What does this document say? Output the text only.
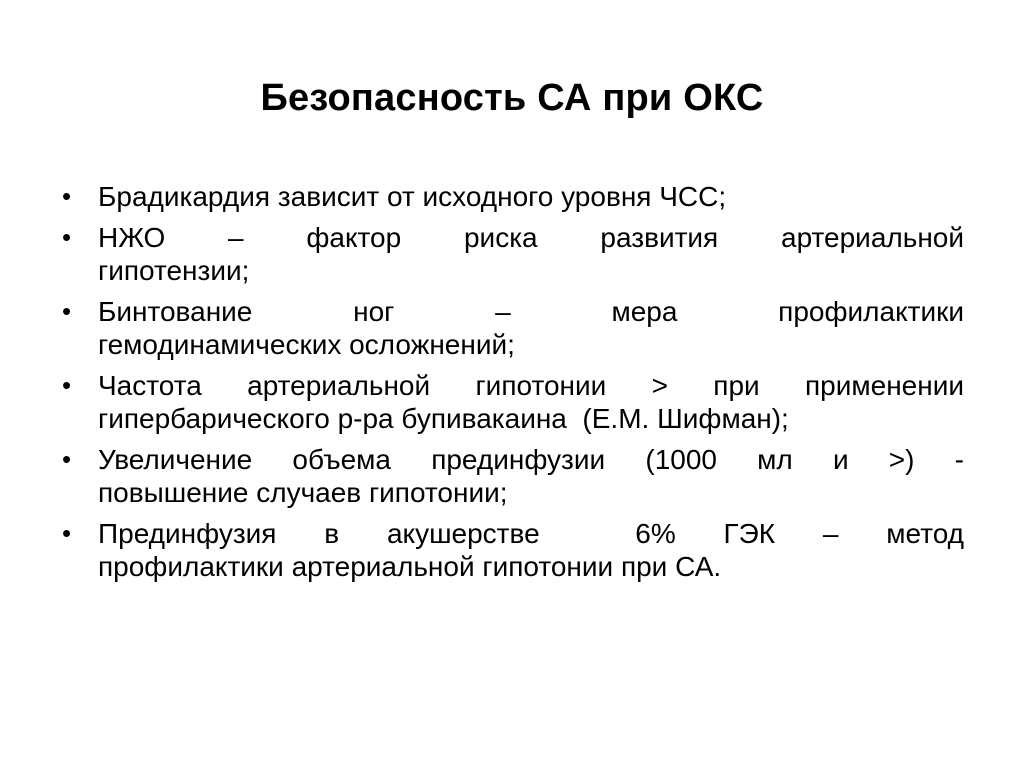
Безопасность СА при ОКС
• Брадикардия зависит от исходного уровня ЧСС;
• НЖО – фактор риска развития артериальной
гипотензии;
• Бинтование ног – мера профилактики
гемодинамических осложнений;
• Частота артериальной гипотонии > при применении
гипербарического р-ра бупивакаина  (Е.М. Шифман);
• Увеличение объема прединфузии (1000 мл и >) -
повышение случаев гипотонии;
• Прединфузия в акушерстве  6% ГЭК – метод
профилактики артериальной гипотонии при СА.
